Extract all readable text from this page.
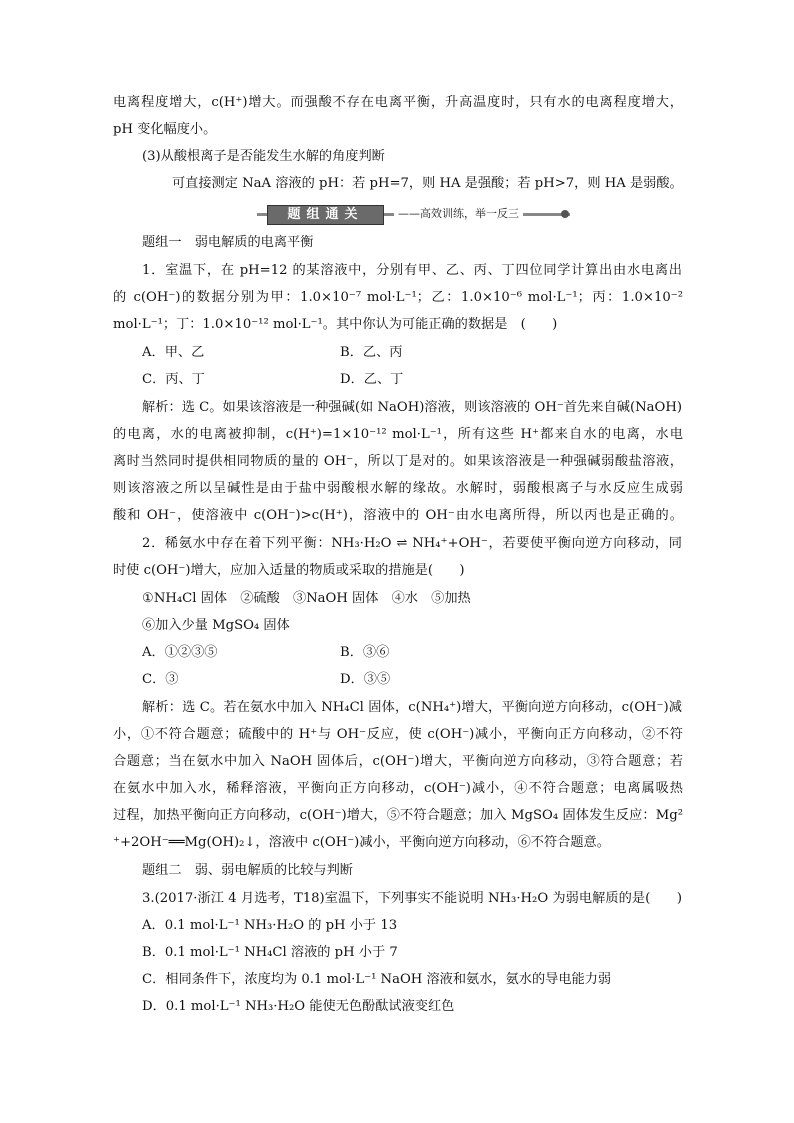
电离程度增大，c(H⁺)增大。而强酸不存在电离平衡，升高温度时，只有水的电离程度增大，
pH 变化幅度小。
(3)从酸根离子是否能发生水解的角度判断
可直接测定 NaA 溶液的 pH：若 pH=7，则 HA 是强酸；若 pH>7，则 HA 是弱酸。
题组通关	——高效训练，举一反三
题组一　弱电解质的电离平衡
1．室温下，在 pH=12 的某溶液中，分别有甲、乙、丙、丁四位同学计算出由水电离出
的 c(OH⁻)的数据分别为甲：1.0×10⁻⁷ mol·L⁻¹；乙：1.0×10⁻⁶ mol·L⁻¹；丙：1.0×10⁻²
mol·L⁻¹；丁：1.0×10⁻¹² mol·L⁻¹。其中你认为可能正确的数据是　(　　)
A．甲、乙	B．乙、丙
C．丙、丁	D．乙、丁
解析：选 C。如果该溶液是一种强碱(如 NaOH)溶液，则该溶液的 OH⁻首先来自碱(NaOH)
的电离，水的电离被抑制，c(H⁺)=1×10⁻¹² mol·L⁻¹，所有这些 H⁺都来自水的电离，水电
离时当然同时提供相同物质的量的 OH⁻，所以丁是对的。如果该溶液是一种强碱弱酸盐溶液，
则该溶液之所以呈碱性是由于盐中弱酸根水解的缘故。水解时，弱酸根离子与水反应生成弱
酸和 OH⁻，使溶液中 c(OH⁻)>c(H⁺)，溶液中的 OH⁻由水电离所得，所以丙也是正确的。
2．稀氨水中存在着下列平衡：NH₃·H₂O ⇌ NH₄⁺+OH⁻，若要使平衡向逆方向移动，同
时使 c(OH⁻)增大，应加入适量的物质或采取的措施是(　　)
①NH₄Cl 固体　②硫酸　③NaOH 固体　④水　⑤加热
⑥加入少量 MgSO₄ 固体
A．①②③⑤	B．③⑥
C．③	D．③⑤
解析：选 C。若在氨水中加入 NH₄Cl 固体，c(NH₄⁺)增大，平衡向逆方向移动，c(OH⁻)减
小，①不符合题意；硫酸中的 H⁺与 OH⁻反应，使 c(OH⁻)减小，平衡向正方向移动，②不符
合题意；当在氨水中加入 NaOH 固体后，c(OH⁻)增大，平衡向逆方向移动，③符合题意；若
在氨水中加入水，稀释溶液，平衡向正方向移动，c(OH⁻)减小，④不符合题意；电离属吸热
过程，加热平衡向正方向移动，c(OH⁻)增大，⑤不符合题意；加入 MgSO₄ 固体发生反应：Mg²
⁺+2OH⁻══Mg(OH)₂↓，溶液中 c(OH⁻)减小，平衡向逆方向移动，⑥不符合题意。
题组二　弱、弱电解质的比较与判断
3.(2017·浙江 4 月选考，T18)室温下，下列事实不能说明 NH₃·H₂O 为弱电解质的是(　　)
A．0.1 mol·L⁻¹ NH₃·H₂O 的 pH 小于 13
B．0.1 mol·L⁻¹ NH₄Cl 溶液的 pH 小于 7
C．相同条件下，浓度均为 0.1 mol·L⁻¹ NaOH 溶液和氨水，氨水的导电能力弱
D．0.1 mol·L⁻¹ NH₃·H₂O 能使无色酚酞试液变红色
